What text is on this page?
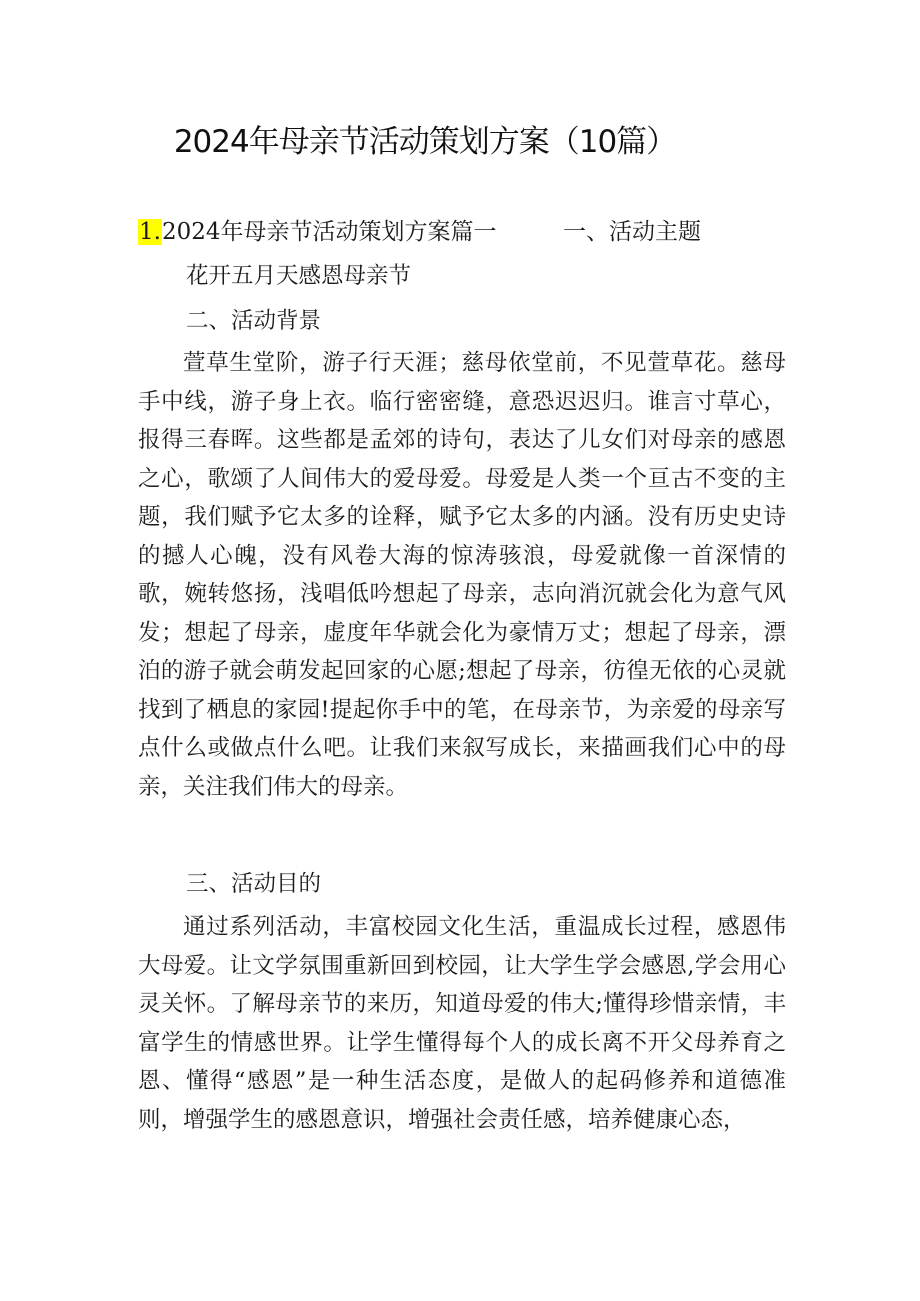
2024年母亲节活动策划方案（10篇）
1.2024年母亲节活动策划方案篇一	一、活动主题
花开五月天感恩母亲节
二、活动背景

萱草生堂阶，游子行天涯；慈母依堂前，不见萱草花。慈母手中线，游子身上衣。临行密密缝，意恐迟迟归。谁言寸草心，报得三春晖。这些都是孟郊的诗句，表达了儿女们对母亲的感恩之心，歌颂了人间伟大的爱母爱。母爱是人类一个亘古不变的主题，我们赋予它太多的诠释，赋予它太多的内涵。没有历史史诗的撼人心魄，没有风卷大海的惊涛骇浪，母爱就像一首深情的歌，婉转悠扬，浅唱低吟想起了母亲，志向消沉就会化为意气风发；想起了母亲，虚度年华就会化为豪情万丈；想起了母亲，漂泊的游子就会萌发起回家的心愿;想起了母亲，彷徨无依的心灵就找到了栖息的家园!提起你手中的笔，在母亲节，为亲爱的母亲写点什么或做点什么吧。让我们来叙写成长，来描画我们心中的母亲，关注我们伟大的母亲。

三、活动目的

通过系列活动，丰富校园文化生活，重温成长过程，感恩伟大母爱。让文学氛围重新回到校园，让大学生学会感恩,学会用心灵关怀。了解母亲节的来历，知道母爱的伟大;懂得珍惜亲情，丰富学生的情感世界。让学生懂得每个人的成长离不开父母养育之恩、懂得“感恩”是一种生活态度，是做人的起码修养和道德准则，增强学生的感恩意识，增强社会责任感，培养健康心态，
